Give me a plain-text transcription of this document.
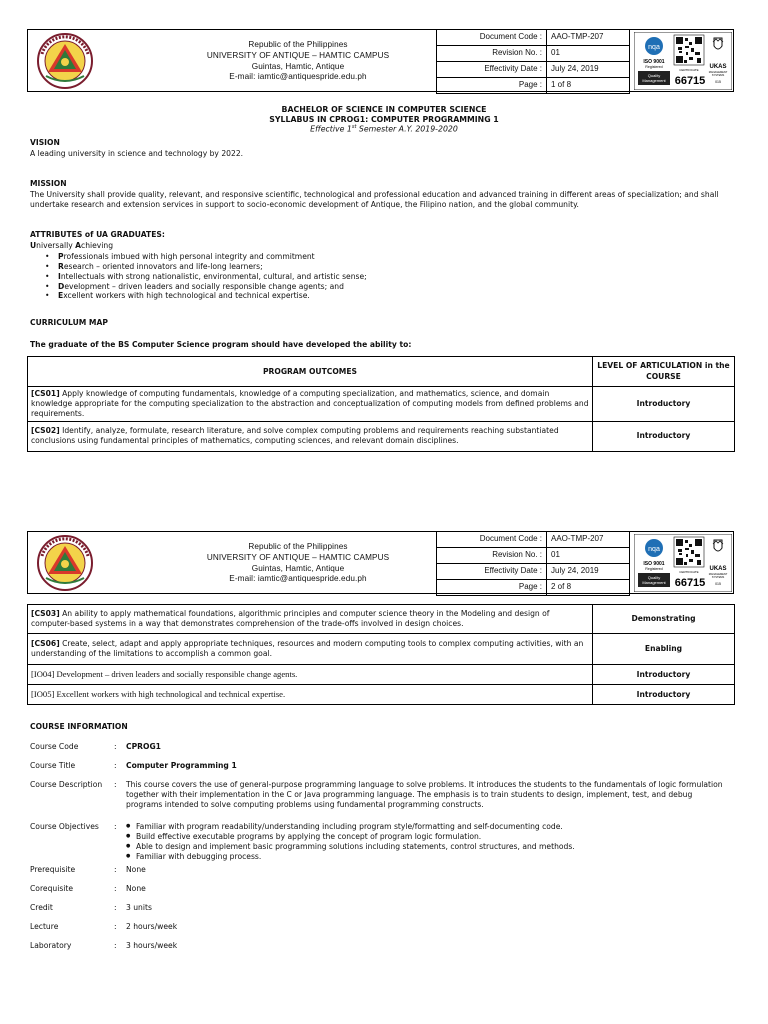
Republic of the Philippines
UNIVERSITY OF ANTIQUE – HAMTIC CAMPUS
Guintas, Hamtic, Antique
E-mail: iamtic@antiquespride.edu.ph
Document Code :	AAO-TMP-207
Revision No. :	01
Effectivity Date :	July 24, 2019
Page :	1 of 8
nqa
ISO 9001
Registered
Quality
Management
CERTIFICATE
66715
UKAS
MANAGEMENT
SYSTEMS
015
BACHELOR OF SCIENCE IN COMPUTER SCIENCE
SYLLABUS IN CPROG1: COMPUTER PROGRAMMING 1
Effective 1st Semester A.Y. 2019-2020
VISION
A leading university in science and technology by 2022.
MISSION
The University shall provide quality, relevant, and responsive scientific, technological and professional education and advanced training in different areas of specialization; and shall undertake research and extension services in support to socio-economic development of Antique, the Filipino nation, and the global community.
ATTRIBUTES of UA GRADUATES:
Universally Achieving
• Professionals imbued with high personal integrity and commitment
• Research – oriented innovators and life-long learners;
• Intellectuals with strong nationalistic, environmental, cultural, and artistic sense;
• Development – driven leaders and socially responsible change agents; and
• Excellent workers with high technological and technical expertise.
CURRICULUM MAP
The graduate of the BS Computer Science program should have developed the ability to:
PROGRAM OUTCOMES	LEVEL OF ARTICULATION in the COURSE
[CS01] Apply knowledge of computing fundamentals, knowledge of a computing specialization, and mathematics, science, and domain knowledge appropriate for the computing specialization to the abstraction and conceptualization of computing models from defined problems and requirements.	Introductory
[CS02] Identify, analyze, formulate, research literature, and solve complex computing problems and requirements reaching substantiated conclusions using fundamental principles of mathematics, computing sciences, and relevant domain disciplines.	Introductory
Republic of the Philippines
UNIVERSITY OF ANTIQUE – HAMTIC CAMPUS
Guintas, Hamtic, Antique
E-mail: iamtic@antiquespride.edu.ph
Document Code :	AAO-TMP-207
Revision No. :	01
Effectivity Date :	July 24, 2019
Page :	2 of 8
nqa
ISO 9001
Registered
Quality
Management
CERTIFICATE
66715
UKAS
MANAGEMENT
SYSTEMS
015
[CS03] An ability to apply mathematical foundations, algorithmic principles and computer science theory in the Modeling and design of computer-based systems in a way that demonstrates comprehension of the trade-offs involved in design choices.	Demonstrating
[CS06] Create, select, adapt and apply appropriate techniques, resources and modern computing tools to complex computing activities, with an understanding of the limitations to accomplish a common goal.	Enabling
[IO04] Development – driven leaders and socially responsible change agents.	Introductory
[IO05] Excellent workers with high technological and technical expertise.	Introductory
COURSE INFORMATION
Course Code	: CPROG1
Course Title	: Computer Programming 1
Course Description : This course covers the use of general-purpose programming language to solve problems. It introduces the students to the fundamentals of logic formulation together with their implementation in the C or Java programming language. The emphasis is to train students to design, implement, test, and debug programs intended to solve computing problems using fundamental programming constructs.
Course Objectives :	● Familiar with program readability/understanding including program style/formatting and self-documenting code.
● Build effective executable programs by applying the concept of program logic formulation.
● Able to design and implement basic programming solutions including statements, control structures, and methods.
● Familiar with debugging process.
Prerequisite	: None
Corequisite	: None
Credit	: 3 units
Lecture	: 2 hours/week
Laboratory	: 3 hours/week
